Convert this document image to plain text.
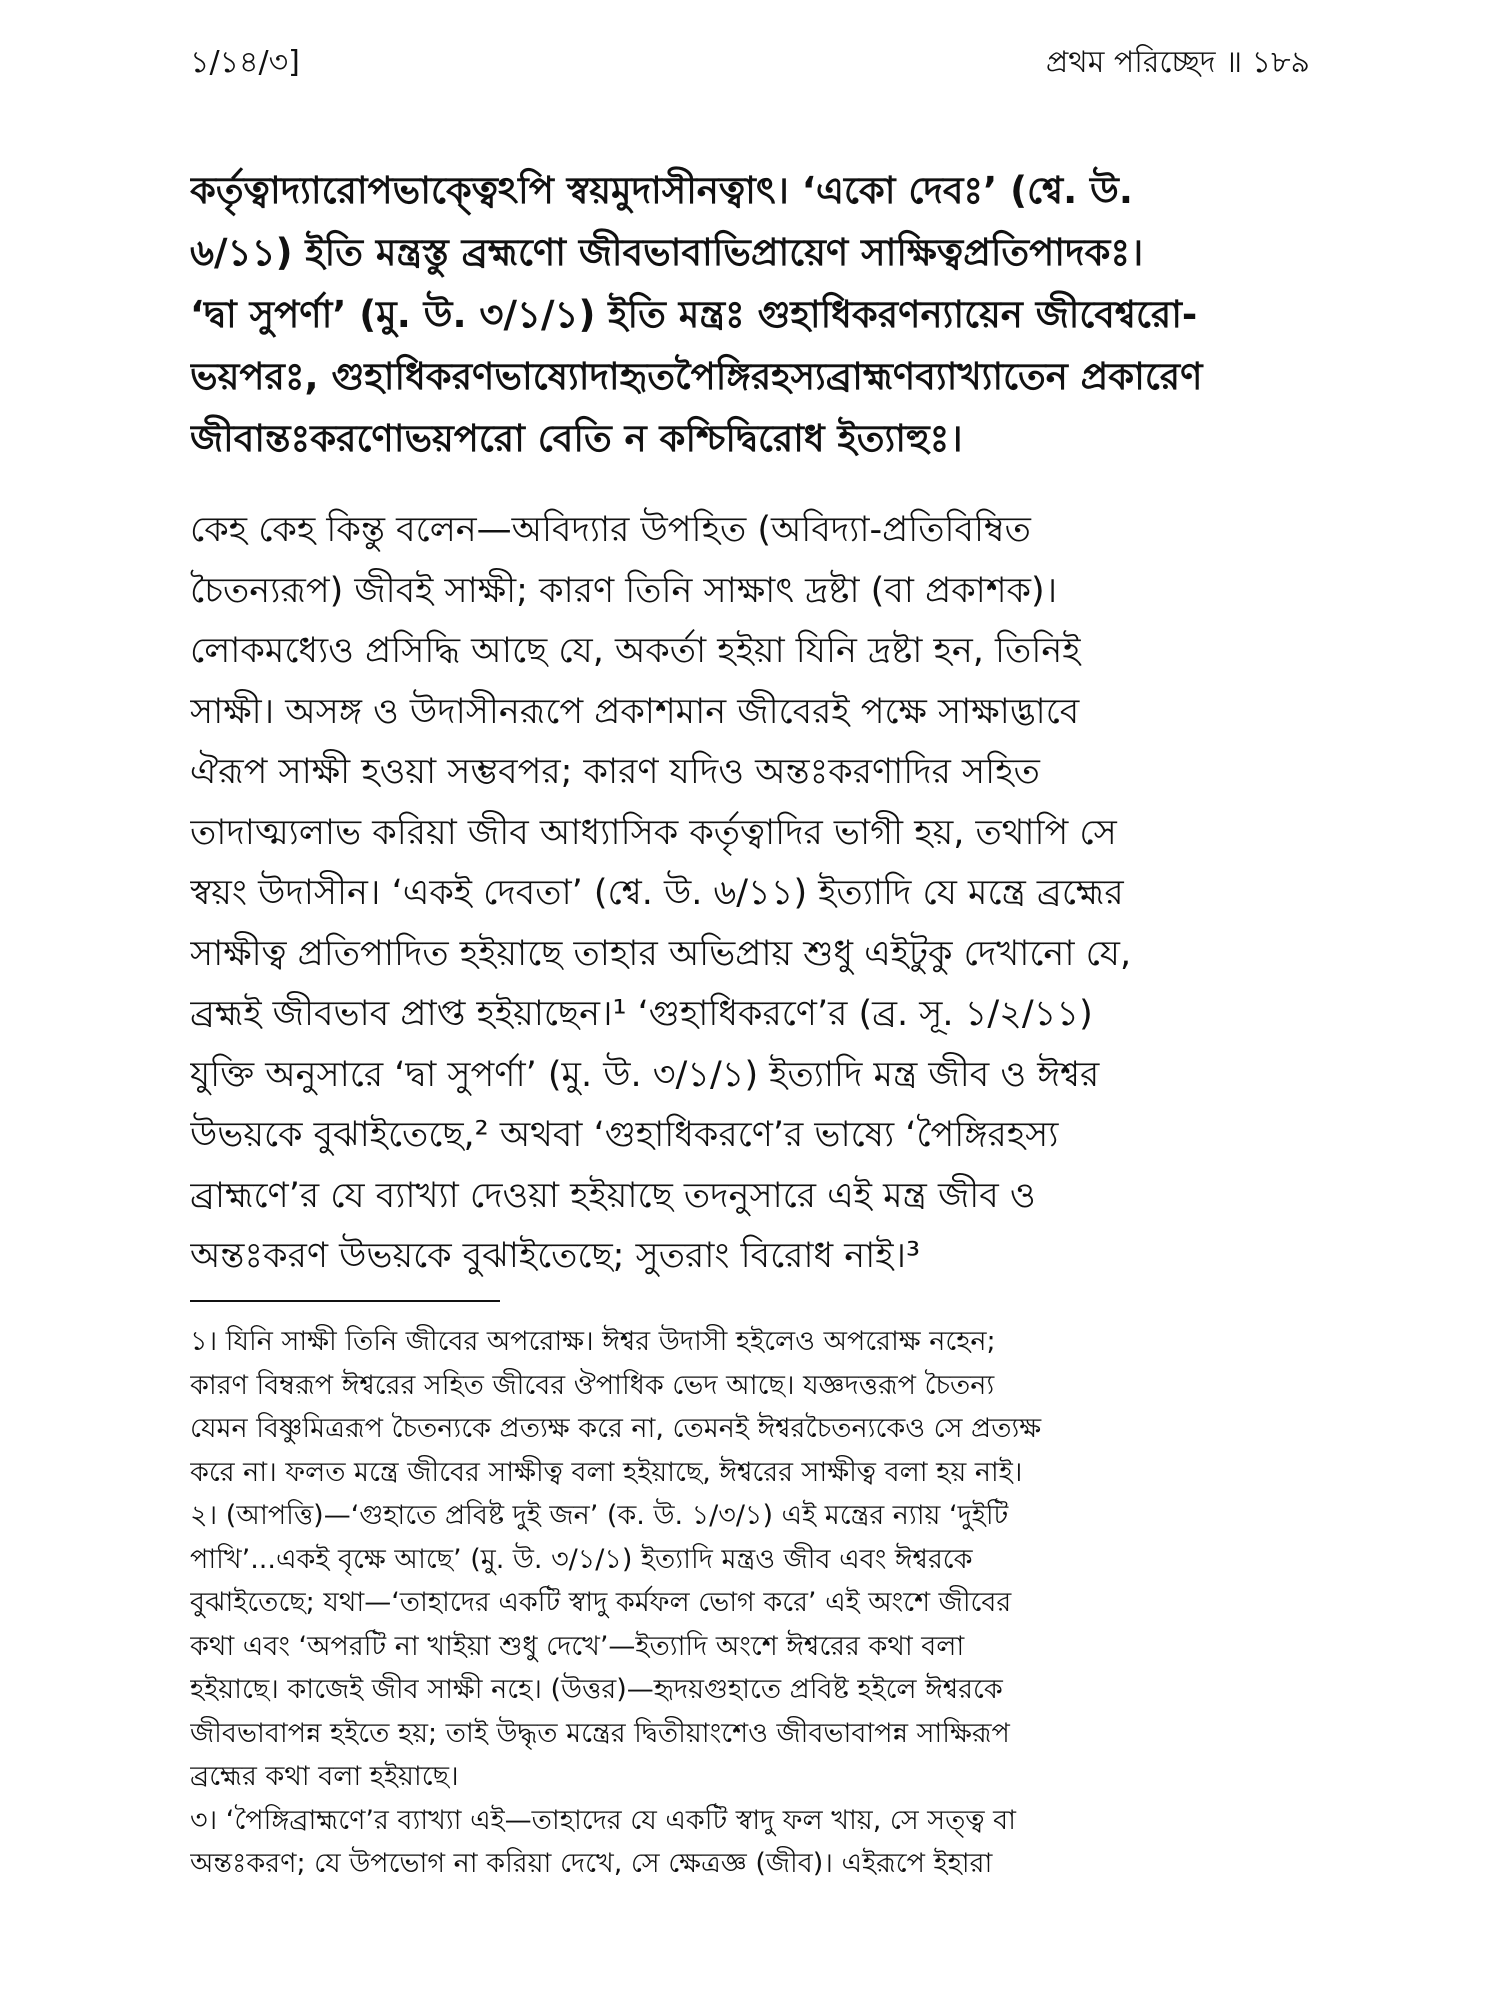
১/১৪/৩]	প্রথম পরিচ্ছেদ ॥ ১৮৯
কর্তৃত্বাদ্যারোপভাক্ত্বেঽপি স্বয়মুদাসীনত্বাৎ। ‘একো দেবঃ’ (শ্বে. উ.
৬/১১) ইতি মন্ত্রস্তু ব্রহ্মণো জীবভাবাভিপ্রায়েণ সাক্ষিত্বপ্রতিপাদকঃ।
‘দ্বা সুপর্ণা’ (মু. উ. ৩/১/১) ইতি মন্ত্রঃ গুহাধিকরণন্যায়েন জীবেশ্বরো-
ভয়পরঃ, গুহাধিকরণভাষ্যোদাহৃতপৈঙ্গিরহস্যব্রাহ্মণব্যাখ্যাতেন প্রকারেণ
জীবান্তঃকরণোভয়পরো বেতি ন কশ্চিদ্বিরোধ ইত্যাহুঃ।
কেহ কেহ কিন্তু বলেন—অবিদ্যার উপহিত (অবিদ্যা-প্রতিবিম্বিত
চৈতন্যরূপ) জীবই সাক্ষী; কারণ তিনি সাক্ষাৎ দ্রষ্টা (বা প্রকাশক)।
লোকমধ্যেও প্রসিদ্ধি আছে যে, অকর্তা হইয়া যিনি দ্রষ্টা হন, তিনিই
সাক্ষী। অসঙ্গ ও উদাসীনরূপে প্রকাশমান জীবেরই পক্ষে সাক্ষাদ্ভাবে
ঐরূপ সাক্ষী হওয়া সম্ভবপর; কারণ যদিও অন্তঃকরণাদির সহিত
তাদাত্ম্যলাভ করিয়া জীব আধ্যাসিক কর্তৃত্বাদির ভাগী হয়, তথাপি সে
স্বয়ং উদাসীন। ‘একই দেবতা’ (শ্বে. উ. ৬/১১) ইত্যাদি যে মন্ত্রে ব্রহ্মের
সাক্ষীত্ব প্রতিপাদিত হইয়াছে তাহার অভিপ্রায় শুধু এইটুকু দেখানো যে,
ব্রহ্মই জীবভাব প্রাপ্ত হইয়াছেন।¹ ‘গুহাধিকরণে’র (ব্র. সূ. ১/২/১১)
যুক্তি অনুসারে ‘দ্বা সুপর্ণা’ (মু. উ. ৩/১/১) ইত্যাদি মন্ত্র জীব ও ঈশ্বর
উভয়কে বুঝাইতেছে,² অথবা ‘গুহাধিকরণে’র ভাষ্যে ‘পৈঙ্গিরহস্য
ব্রাহ্মণে’র যে ব্যাখ্যা দেওয়া হইয়াছে তদনুসারে এই মন্ত্র জীব ও
অন্তঃকরণ উভয়কে বুঝাইতেছে; সুতরাং বিরোধ নাই।³
১। যিনি সাক্ষী তিনি জীবের অপরোক্ষ। ঈশ্বর উদাসী হইলেও অপরোক্ষ নহেন;
কারণ বিম্বরূপ ঈশ্বরের সহিত জীবের ঔপাধিক ভেদ আছে। যজ্ঞদত্তরূপ চৈতন্য
যেমন বিষ্ণুমিত্ররূপ চৈতন্যকে প্রত্যক্ষ করে না, তেমনই ঈশ্বরচৈতন্যকেও সে প্রত্যক্ষ
করে না। ফলত মন্ত্রে জীবের সাক্ষীত্ব বলা হইয়াছে, ঈশ্বরের সাক্ষীত্ব বলা হয় নাই।
২। (আপত্তি)—‘গুহাতে প্রবিষ্ট দুই জন’ (ক. উ. ১/৩/১) এই মন্ত্রের ন্যায় ‘দুইটি
পাখি’...একই বৃক্ষে আছে’ (মু. উ. ৩/১/১) ইত্যাদি মন্ত্রও জীব এবং ঈশ্বরকে
বুঝাইতেছে; যথা—‘তাহাদের একটি স্বাদু কর্মফল ভোগ করে’ এই অংশে জীবের
কথা এবং ‘অপরটি না খাইয়া শুধু দেখে’—ইত্যাদি অংশে ঈশ্বরের কথা বলা
হইয়াছে। কাজেই জীব সাক্ষী নহে। (উত্তর)—হৃদয়গুহাতে প্রবিষ্ট হইলে ঈশ্বরকে
জীবভাবাপন্ন হইতে হয়; তাই উদ্ধৃত মন্ত্রের দ্বিতীয়াংশেও জীবভাবাপন্ন সাক্ষিরূপ
ব্রহ্মের কথা বলা হইয়াছে।
৩। ‘পৈঙ্গিব্রাহ্মণে’র ব্যাখ্যা এই—তাহাদের যে একটি স্বাদু ফল খায়, সে সত্ত্ব বা
অন্তঃকরণ; যে উপভোগ না করিয়া দেখে, সে ক্ষেত্রজ্ঞ (জীব)। এইরূপে ইহারা
